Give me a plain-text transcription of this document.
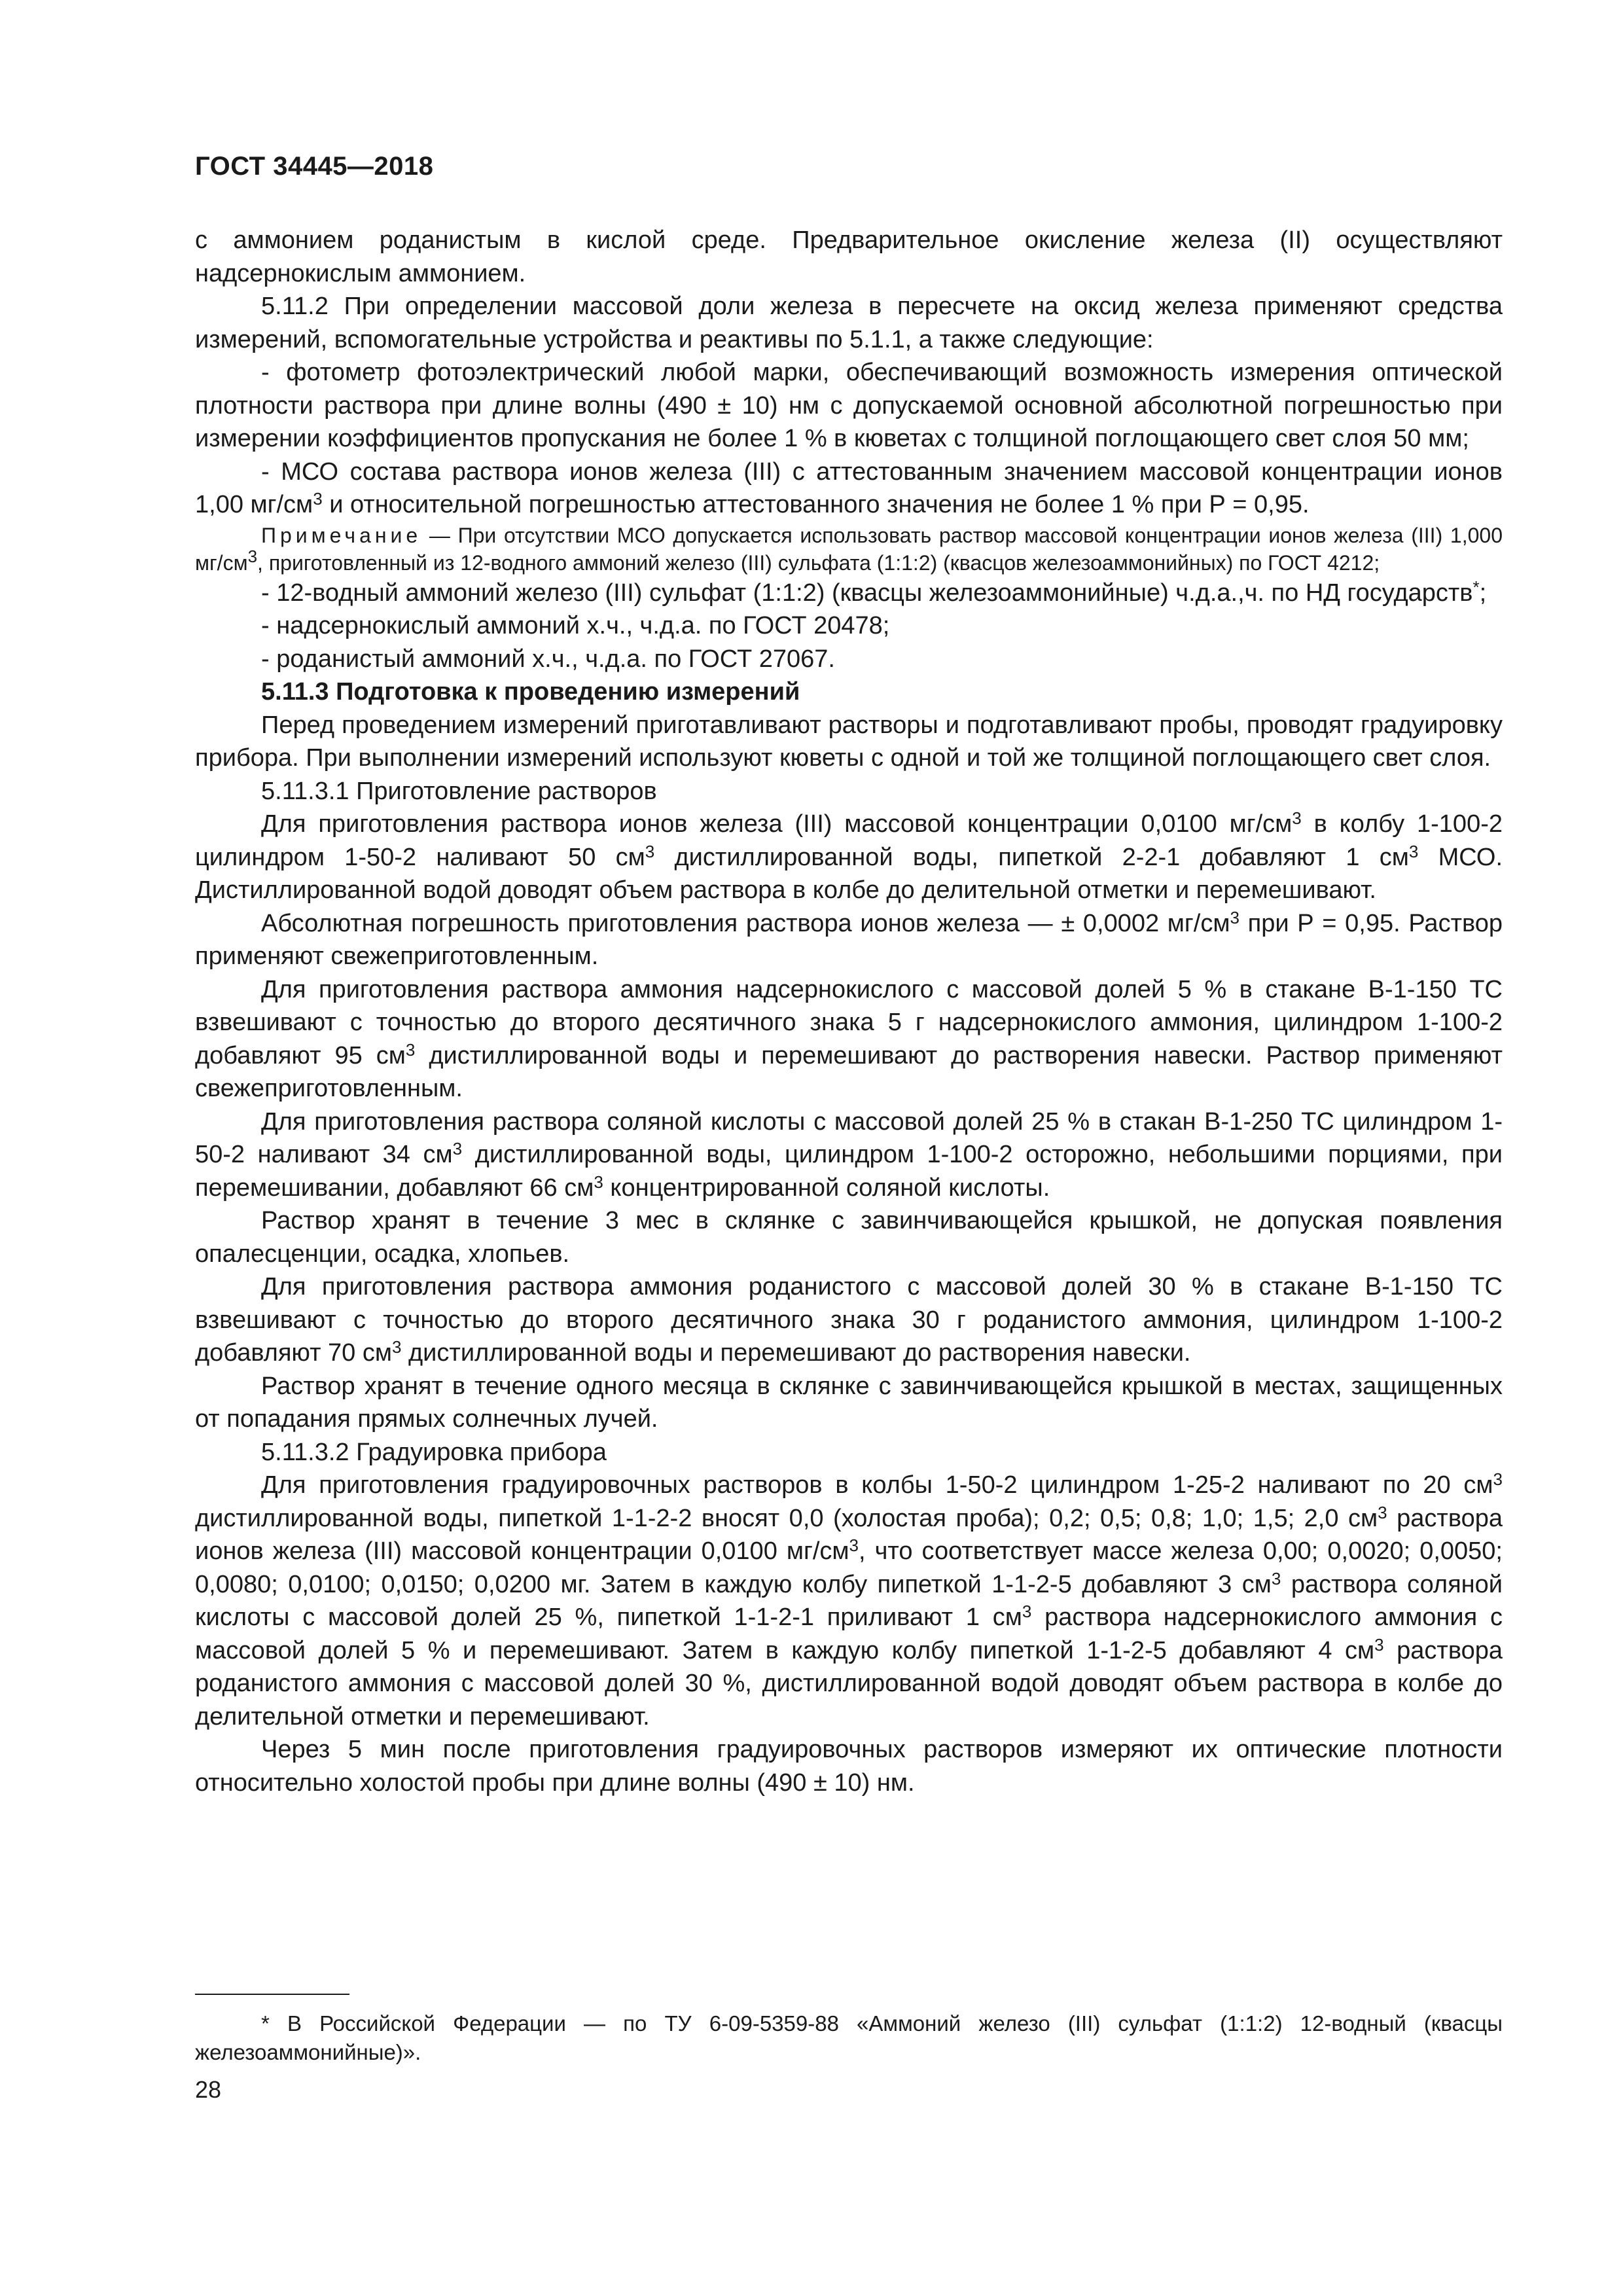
ГОСТ 34445—2018

с аммонием роданистым в кислой среде. Предварительное окисление железа (II) осуществляют надсернокислым аммонием.

5.11.2 При определении массовой доли железа в пересчете на оксид железа применяют средства измерений, вспомогательные устройства и реактивы по 5.1.1, а также следующие:

- фотометр фотоэлектрический любой марки, обеспечивающий возможность измерения оптической плотности раствора при длине волны (490 ± 10) нм с допускаемой основной абсолютной погрешностью при измерении коэффициентов пропускания не более 1 % в кюветах с толщиной поглощающего свет слоя 50 мм;

- МСО состава раствора ионов железа (III) с аттестованным значением массовой концентрации ионов 1,00 $мг/см^3$ и относительной погрешностью аттестованного значения не более 1 % при Р = 0,95.

Примечание — При отсутствии МСО допускается использовать раствор массовой концентрации ионов железа (III) 1,000 $мг/см^3$, приготовленный из 12-водного аммоний железо (III) сульфата (1:1:2) (квасцов железоаммонийных) по ГОСТ 4212;

- 12-водный аммоний железо (III) сульфат (1:1:2) (квасцы железоаммонийные) ч.д.а.,ч. по НД государств*;

- надсернокислый аммоний х.ч., ч.д.а. по ГОСТ 20478;

- роданистый аммоний х.ч., ч.д.а. по ГОСТ 27067.

5.11.3 Подготовка к проведению измерений

Перед проведением измерений приготавливают растворы и подготавливают пробы, проводят градуировку прибора. При выполнении измерений используют кюветы с одной и той же толщиной поглощающего свет слоя.

5.11.3.1 Приготовление растворов

Для приготовления раствора ионов железа (III) массовой концентрации 0,0100 $мг/см^3$ в колбу 1-100-2 цилиндром 1-50-2 наливают 50 $см^3$ дистиллированной воды, пипеткой 2-2-1 добавляют 1 $см^3$ МСО. Дистиллированной водой доводят объем раствора в колбе до делительной отметки и перемешивают.

Абсолютная погрешность приготовления раствора ионов железа — ± 0,0002 $мг/см^3$ при Р = 0,95. Раствор применяют свежеприготовленным.

Для приготовления раствора аммония надсернокислого с массовой долей 5 % в стакане В-1-150 ТС взвешивают с точностью до второго десятичного знака 5 г надсернокислого аммония, цилиндром 1-100-2 добавляют 95 $см^3$ дистиллированной воды и перемешивают до растворения навески. Раствор применяют свежеприготовленным.

Для приготовления раствора соляной кислоты с массовой долей 25 % в стакан В-1-250 ТС цилиндром 1-50-2 наливают 34 $см^3$ дистиллированной воды, цилиндром 1-100-2 осторожно, небольшими порциями, при перемешивании, добавляют 66 $см^3$ концентрированной соляной кислоты.

Раствор хранят в течение 3 мес в склянке с завинчивающейся крышкой, не допуская появления опалесценции, осадка, хлопьев.

Для приготовления раствора аммония роданистого с массовой долей 30 % в стакане В-1-150 ТС взвешивают с точностью до второго десятичного знака 30 г роданистого аммония, цилиндром 1-100-2 добавляют 70 $см^3$ дистиллированной воды и перемешивают до растворения навески.

Раствор хранят в течение одного месяца в склянке с завинчивающейся крышкой в местах, защищенных от попадания прямых солнечных лучей.

5.11.3.2 Градуировка прибора

Для приготовления градуировочных растворов в колбы 1-50-2 цилиндром 1-25-2 наливают по 20 $см^3$ дистиллированной воды, пипеткой 1-1-2-2 вносят 0,0 (холостая проба); 0,2; 0,5; 0,8; 1,0; 1,5; 2,0 $см^3$ раствора ионов железа (III) массовой концентрации 0,0100 $мг/см^3$, что соответствует массе железа 0,00; 0,0020; 0,0050; 0,0080; 0,0100; 0,0150; 0,0200 мг. Затем в каждую колбу пипеткой 1-1-2-5 добавляют 3 $см^3$ раствора соляной кислоты с массовой долей 25 %, пипеткой 1-1-2-1 приливают 1 $см^3$ раствора надсернокислого аммония с массовой долей 5 % и перемешивают. Затем в каждую колбу пипеткой 1-1-2-5 добавляют 4 $см^3$ раствора роданистого аммония с массовой долей 30 %, дистиллированной водой доводят объем раствора в колбе до делительной отметки и перемешивают.

Через 5 мин после приготовления градуировочных растворов измеряют их оптические плотности относительно холостой пробы при длине волны (490 ± 10) нм.

* В Российской Федерации — по ТУ 6-09-5359-88 «Аммоний железо (III) сульфат (1:1:2) 12-водный (квасцы железоаммонийные)».
28
